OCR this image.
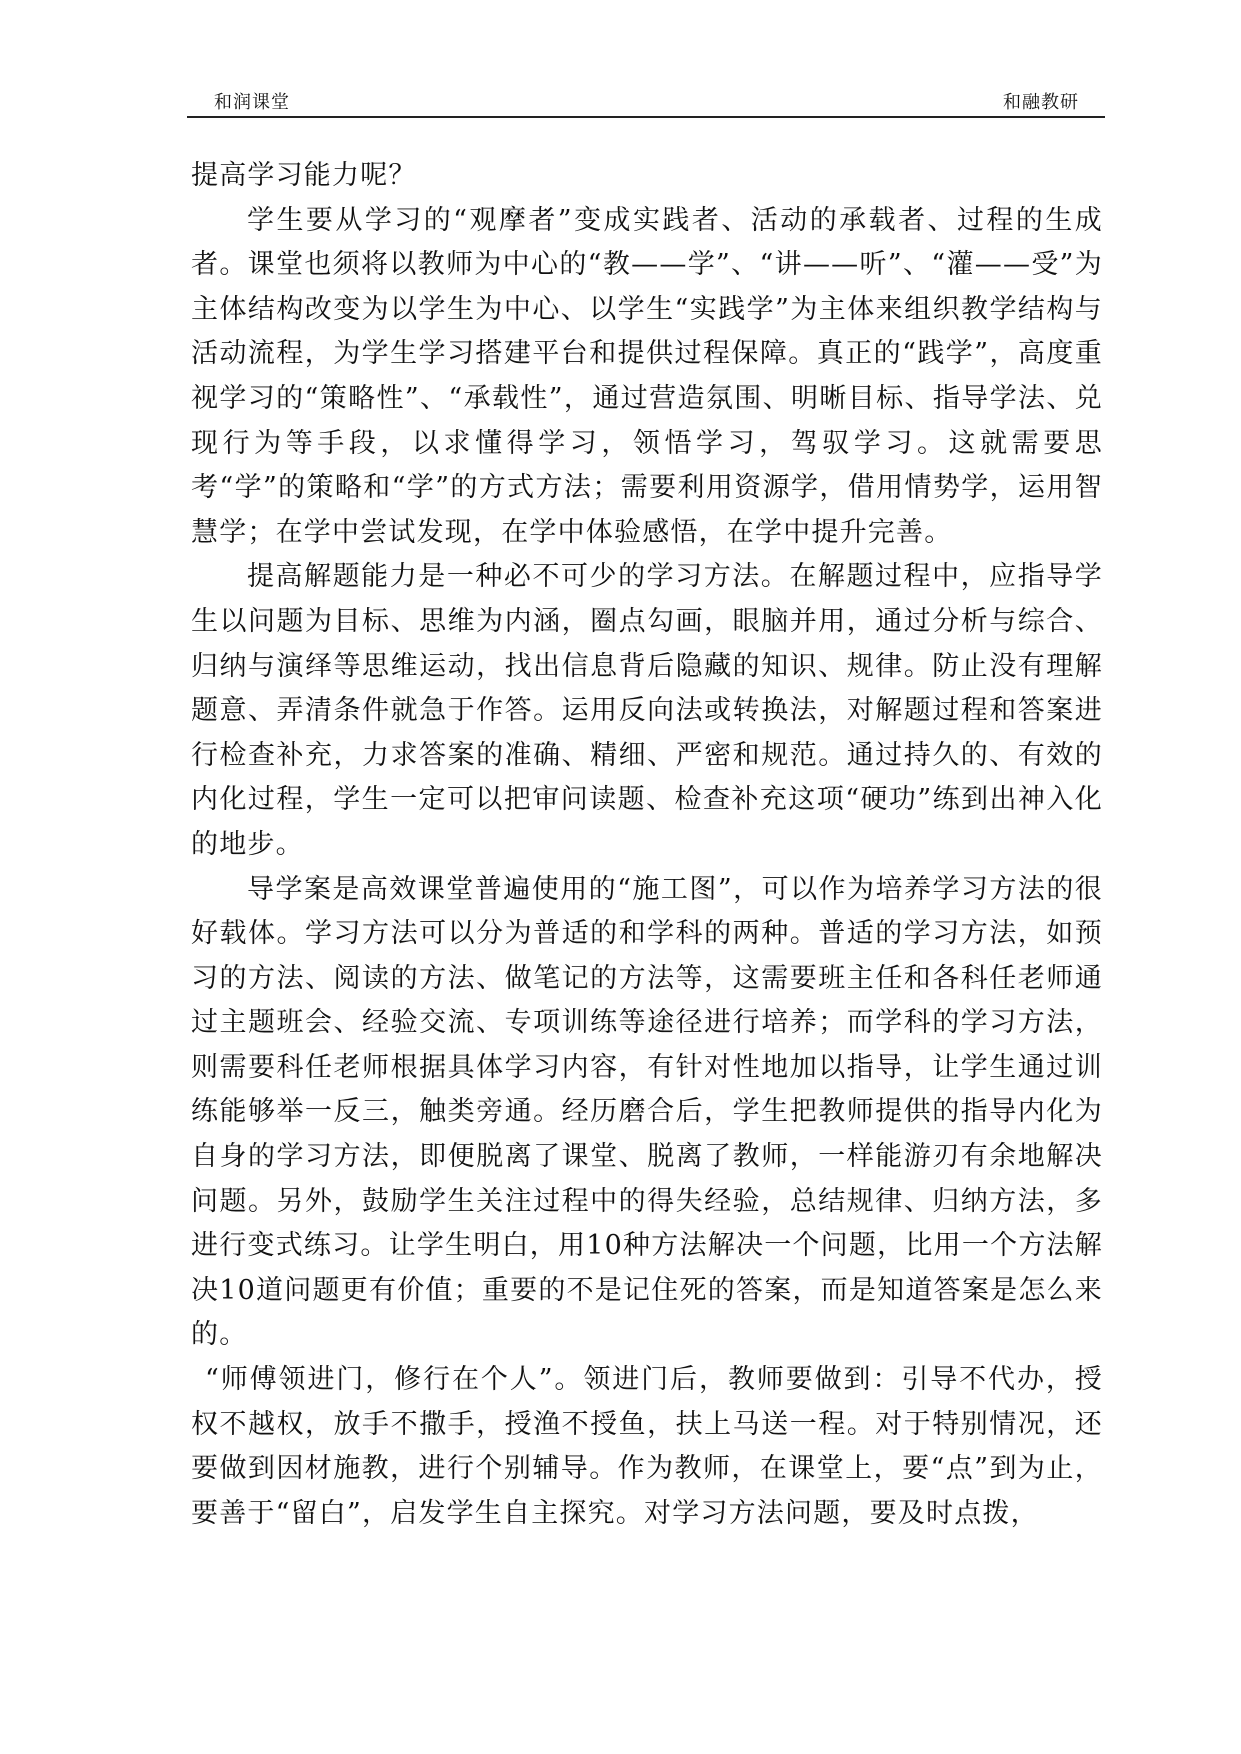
和润课堂	和融教研

提高学习能力呢？

学生要从学习的“观摩者”变成实践者、活动的承载者、过程的生成者。课堂也须将以教师为中心的“教——学”、“讲——听”、“灌——受”为主体结构改变为以学生为中心、以学生“实践学”为主体来组织教学结构与活动流程，为学生学习搭建平台和提供过程保障。真正的“践学”，高度重视学习的“策略性”、“承载性”，通过营造氛围、明晰目标、指导学法、兑现行为等手段，以求懂得学习，领悟学习，驾驭学习。这就需要思考“学”的策略和“学”的方式方法；需要利用资源学，借用情势学，运用智慧学；在学中尝试发现，在学中体验感悟，在学中提升完善。

提高解题能力是一种必不可少的学习方法。在解题过程中，应指导学生以问题为目标、思维为内涵，圈点勾画，眼脑并用，通过分析与综合、归纳与演绎等思维运动，找出信息背后隐藏的知识、规律。防止没有理解题意、弄清条件就急于作答。运用反向法或转换法，对解题过程和答案进行检查补充，力求答案的准确、精细、严密和规范。通过持久的、有效的内化过程，学生一定可以把审问读题、检查补充这项“硬功”练到出神入化的地步。

导学案是高效课堂普遍使用的“施工图”，可以作为培养学习方法的很好载体。学习方法可以分为普适的和学科的两种。普适的学习方法，如预习的方法、阅读的方法、做笔记的方法等，这需要班主任和各科任老师通过主题班会、经验交流、专项训练等途径进行培养；而学科的学习方法，则需要科任老师根据具体学习内容，有针对性地加以指导，让学生通过训练能够举一反三，触类旁通。经历磨合后，学生把教师提供的指导内化为自身的学习方法，即便脱离了课堂、脱离了教师，一样能游刃有余地解决问题。另外，鼓励学生关注过程中的得失经验，总结规律、归纳方法，多进行变式练习。让学生明白，用10种方法解决一个问题，比用一个方法解决10道问题更有价值；重要的不是记住死的答案，而是知道答案是怎么来的。

“师傅领进门，修行在个人”。领进门后，教师要做到：引导不代办，授权不越权，放手不撒手，授渔不授鱼，扶上马送一程。对于特别情况，还要做到因材施教，进行个别辅导。作为教师，在课堂上，要“点”到为止，要善于“留白”，启发学生自主探究。对学习方法问题，要及时点拨，
